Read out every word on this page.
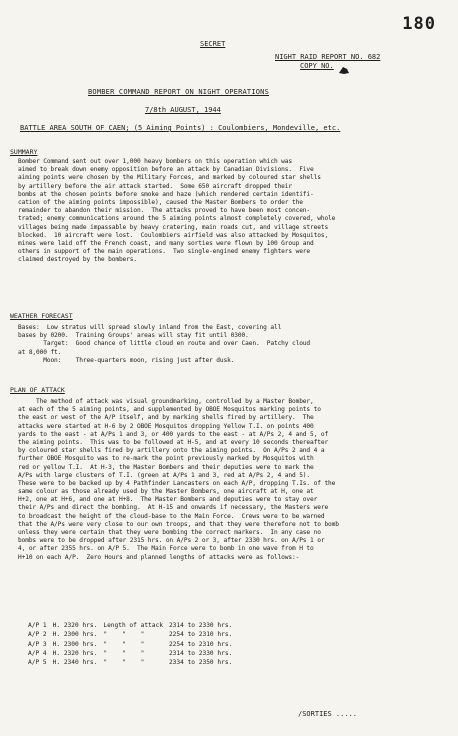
180
SECRET
NIGHT RAID REPORT NO. 682
COPY NO.
BOMBER COMMAND REPORT ON NIGHT OPERATIONS
7/8th AUGUST, 1944
BATTLE AREA SOUTH OF CAEN; (5 Aiming Points) : Coulombiers, Mondeville, etc.
SUMMARY
Bomber Command sent out over 1,000 heavy bombers on this operation which was
aimed to break down enemy opposition before an attack by Canadian Divisions.  Five
aiming points were chosen by the Military Forces, and marked by coloured star shells
by artillery before the air attack started.  Some 650 aircraft dropped their
bombs at the chosen points before smoke and haze (which rendered certain identifi-
cation of the aiming points impossible), caused the Master Bombers to order the
remainder to abandon their mission.  The attacks proved to have been most concen-
trated; enemy communications around the 5 aiming points almost completely covered, whole
villages being made impassable by heavy cratering, main roads cut, and village streets
blocked.  10 aircraft were lost.  Coulombiers airfield was also attacked by Mosquitos,
mines were laid off the French coast, and many sorties were flown by 100 Group and
others in support of the main operations.  Two single-engined enemy fighters were
claimed destroyed by the bombers.
WEATHER FORECAST
Bases:  Low stratus will spread slowly inland from the East, covering all
bases by 0200.  Training Groups' areas will stay fit until 0300.
Target:  Good chance of little cloud en route and over Caen.  Patchy cloud
at 8,000 ft.
Moon:    Three-quarters moon, rising just after dusk.
PLAN OF ATTACK
The method of attack was visual groundmarking, controlled by a Master Bomber,
at each of the 5 aiming points, and supplemented by OBOE Mosquitos marking points to
the east or west of the A/P itself, and by marking shells fired by artillery.  The
attacks were started at H-6 by 2 OBOE Mosquitos dropping Yellow T.I. on points 400
yards to the east - at A/Ps 1 and 3, or 400 yards to the east - at A/Ps 2, 4 and 5, of
the aiming points.  This was to be followed at H-5, and at every 10 seconds thereafter
by coloured star shells fired by artillery onto the aiming points.  On A/Ps 2 and 4 a
further OBOE Mosquito was to re-mark the point previously marked by Mosquitos with
red or yellow T.I.  At H-3, the Master Bombers and their deputies were to mark the
A/Ps with large clusters of T.I. (green at A/Ps 1 and 3, red at A/Ps 2, 4 and 5).
These were to be backed up by 4 Pathfinder Lancasters on each A/P, dropping T.Is. of the
same colour as those already used by the Master Bombers, one aircraft at H, one at
H+2, one at H+6, and one at H+8.  The Master Bombers and deputies were to stay over
their A/Ps and direct the bombing.  At H-15 and onwards if necessary, the Masters were
to broadcast the height of the cloud-base to the Main Force.  Crews were to be warned
that the A/Ps were very close to our own troops, and that they were therefore not to bomb
unless they were certain that they were bombing the correct markers.  In any case no
bombs were to be dropped after 2315 hrs. on A/Ps 2 or 3, after 2330 hrs. on A/Ps 1 or
4, or after 2355 hrs. on A/P 5.  The Main Force were to bomb in one wave from H to
H+10 on each A/P.  Zero Hours and planned lengths of attacks were as follows:-
A/P 1	H. 2320 hrs.	Length of attack	2314 to 2330 hrs.
A/P 2	H. 2300 hrs.	"    "    "	2254 to 2310 hrs.
A/P 3	H. 2300 hrs.	"    "    "	2254 to 2310 hrs.
A/P 4	H. 2320 hrs.	"    "    "	2314 to 2330 hrs.
A/P 5	H. 2340 hrs.	"    "    "	2334 to 2350 hrs.
/SORTIES .....
